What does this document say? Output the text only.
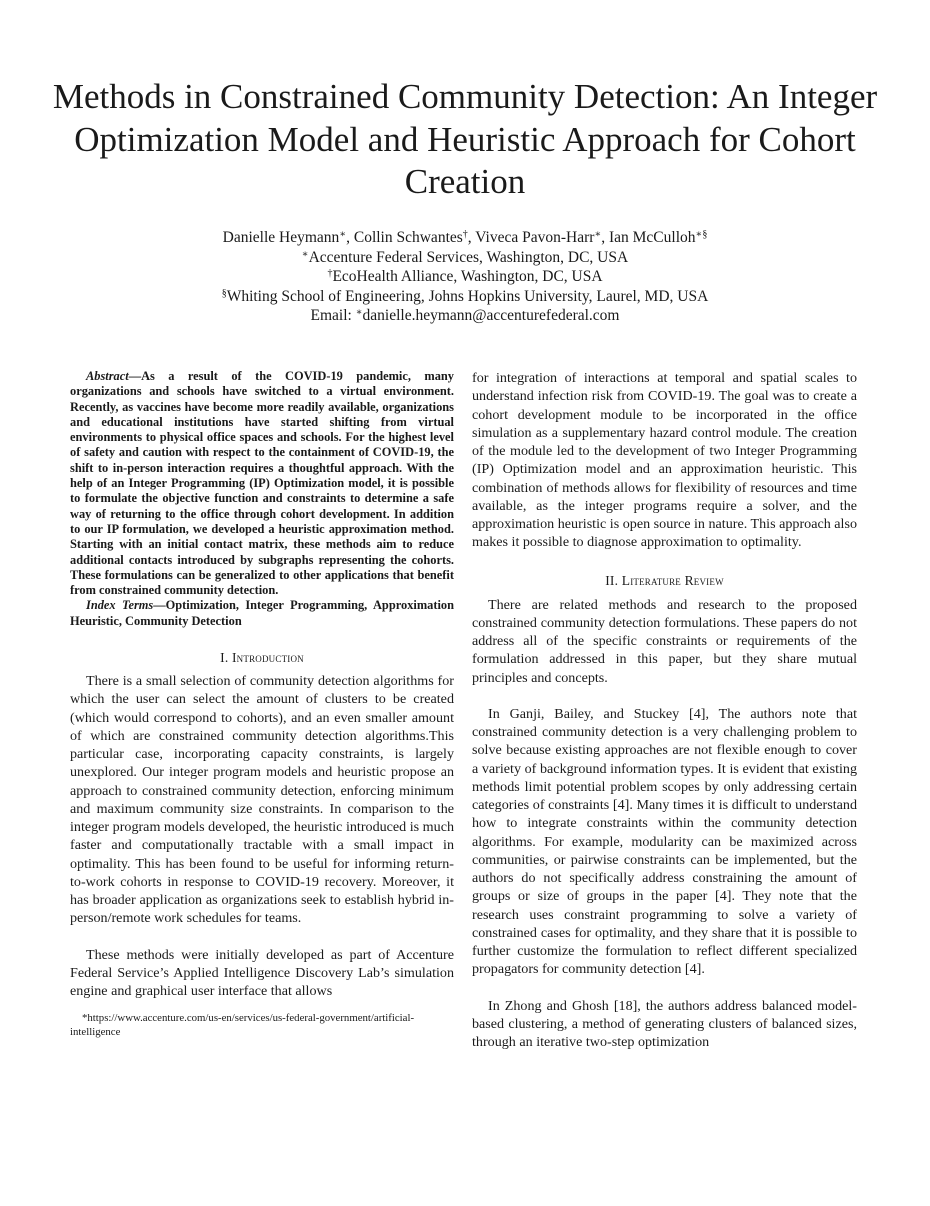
Methods in Constrained Community Detection: An Integer Optimization Model and Heuristic Approach for Cohort Creation
Danielle Heymann∗, Collin Schwantes†, Viveca Pavon-Harr∗, Ian McCulloh∗§
∗Accenture Federal Services, Washington, DC, USA
†EcoHealth Alliance, Washington, DC, USA
§Whiting School of Engineering, Johns Hopkins University, Laurel, MD, USA
Email: ∗danielle.heymann@accenturefederal.com

Abstract—As a result of the COVID-19 pandemic, many organizations and schools have switched to a virtual environment. Recently, as vaccines have become more readily available, organizations and educational institutions have started shifting from virtual environments to physical office spaces and schools. For the highest level of safety and caution with respect to the containment of COVID-19, the shift to in-person interaction requires a thoughtful approach. With the help of an Integer Programming (IP) Optimization model, it is possible to formulate the objective function and constraints to determine a safe way of returning to the office through cohort development. In addition to our IP formulation, we developed a heuristic approximation method. Starting with an initial contact matrix, these methods aim to reduce additional contacts introduced by subgraphs representing the cohorts. These formulations can be generalized to other applications that benefit from constrained community detection.

Index Terms—Optimization, Integer Programming, Approximation Heuristic, Community Detection

I. Introduction

There is a small selection of community detection algorithms for which the user can select the amount of clusters to be created (which would correspond to cohorts), and an even smaller amount of which are constrained community detection algorithms.This particular case, incorporating capacity constraints, is largely unexplored. Our integer program models and heuristic propose an approach to constrained community detection, enforcing minimum and maximum community size constraints. In comparison to the integer program models developed, the heuristic introduced is much faster and computationally tractable with a small impact in optimality. This has been found to be useful for informing return-to-work cohorts in response to COVID-19 recovery. Moreover, it has broader application as organizations seek to establish hybrid in-person/remote work schedules for teams.

These methods were initially developed as part of Accenture Federal Service’s Applied Intelligence Discovery Lab’s simulation engine and graphical user interface that allows

*https://www.accenture.com/us-en/services/us-federal-government/artificial-intelligence

for integration of interactions at temporal and spatial scales to understand infection risk from COVID-19. The goal was to create a cohort development module to be incorporated in the office simulation as a supplementary hazard control module. The creation of the module led to the development of two Integer Programming (IP) Optimization model and an approximation heuristic. This combination of methods allows for flexibility of resources and time available, as the integer programs require a solver, and the approximation heuristic is open source in nature. This approach also makes it possible to diagnose approximation to optimality.

II. Literature Review

There are related methods and research to the proposed constrained community detection formulations. These papers do not address all of the specific constraints or requirements of the formulation addressed in this paper, but they share mutual principles and concepts.

In Ganji, Bailey, and Stuckey [4], The authors note that constrained community detection is a very challenging problem to solve because existing approaches are not flexible enough to cover a variety of background information types. It is evident that existing methods limit potential problem scopes by only addressing certain categories of constraints [4]. Many times it is difficult to understand how to integrate constraints within the community detection algorithms. For example, modularity can be maximized across communities, or pairwise constraints can be implemented, but the authors do not specifically address constraining the amount of groups or size of groups in the paper [4]. They note that the research uses constraint programming to solve a variety of constrained cases for optimality, and they share that it is possible to further customize the formulation to reflect different specialized propagators for community detection [4].

In Zhong and Ghosh [18], the authors address balanced model-based clustering, a method of generating clusters of balanced sizes, through an iterative two-step optimization
